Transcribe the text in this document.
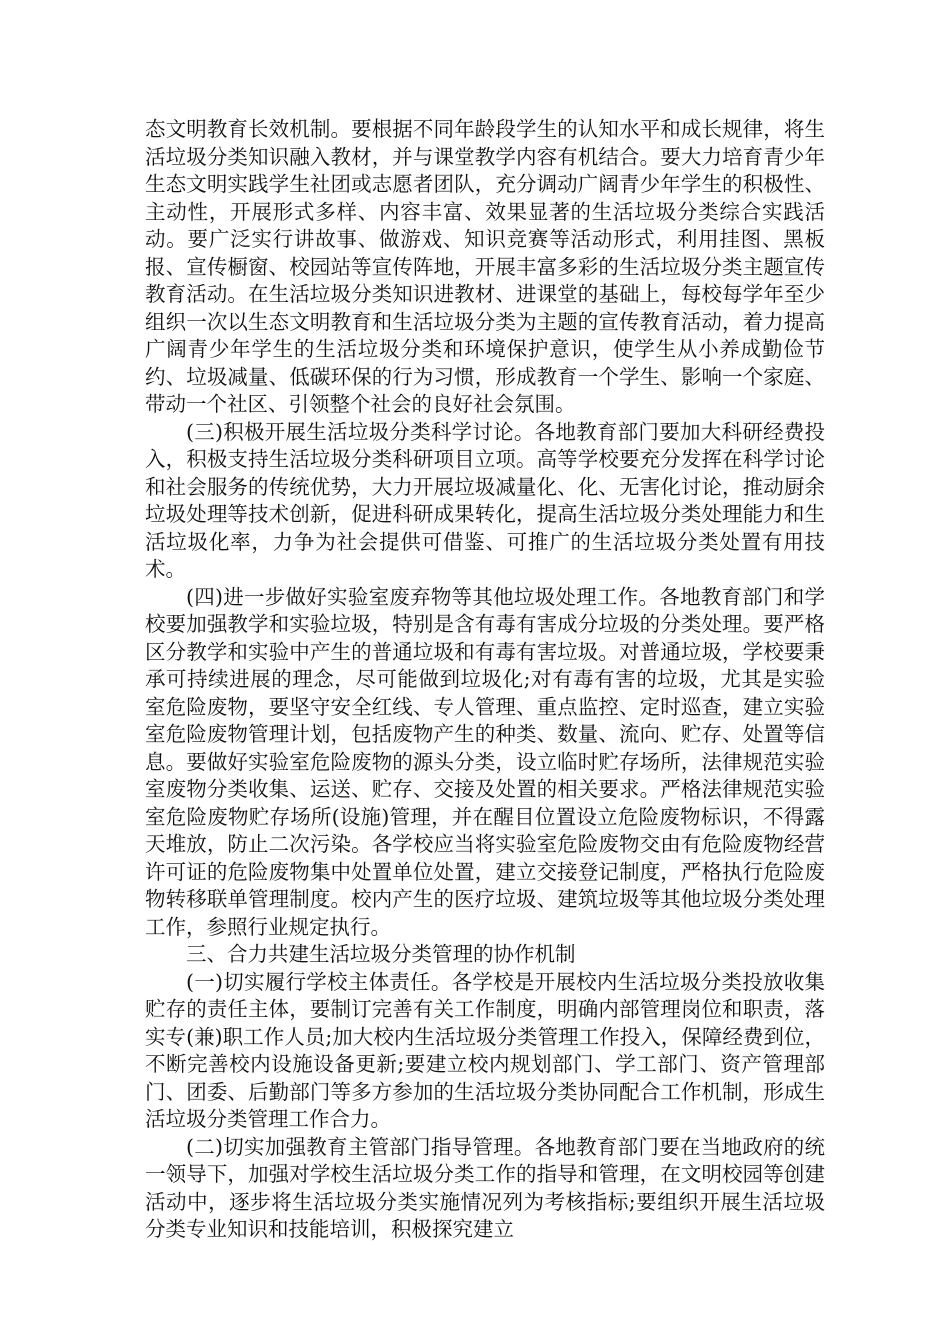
态文明教育长效机制。要根据不同年龄段学生的认知水平和成长规律，将生活垃圾分类知识融入教材，并与课堂教学内容有机结合。要大力培育青少年生态文明实践学生社团或志愿者团队，充分调动广阔青少年学生的积极性、主动性，开展形式多样、内容丰富、效果显著的生活垃圾分类综合实践活动。要广泛实行讲故事、做游戏、知识竞赛等活动形式，利用挂图、黑板报、宣传橱窗、校园站等宣传阵地，开展丰富多彩的生活垃圾分类主题宣传教育活动。在生活垃圾分类知识进教材、进课堂的基础上，每校每学年至少组织一次以生态文明教育和生活垃圾分类为主题的宣传教育活动，着力提高广阔青少年学生的生活垃圾分类和环境保护意识，使学生从小养成勤俭节约、垃圾减量、低碳环保的行为习惯，形成教育一个学生、影响一个家庭、带动一个社区、引领整个社会的良好社会氛围。

(三)积极开展生活垃圾分类科学讨论。各地教育部门要加大科研经费投入，积极支持生活垃圾分类科研项目立项。高等学校要充分发挥在科学讨论和社会服务的传统优势，大力开展垃圾减量化、化、无害化讨论，推动厨余垃圾处理等技术创新，促进科研成果转化，提高生活垃圾分类处理能力和生活垃圾化率，力争为社会提供可借鉴、可推广的生活垃圾分类处置有用技术。

(四)进一步做好实验室废弃物等其他垃圾处理工作。各地教育部门和学校要加强教学和实验垃圾，特别是含有毒有害成分垃圾的分类处理。要严格区分教学和实验中产生的普通垃圾和有毒有害垃圾。对普通垃圾，学校要秉承可持续进展的理念，尽可能做到垃圾化;对有毒有害的垃圾，尤其是实验室危险废物，要坚守安全红线、专人管理、重点监控、定时巡查，建立实验室危险废物管理计划，包括废物产生的种类、数量、流向、贮存、处置等信息。要做好实验室危险废物的源头分类，设立临时贮存场所，法律规范实验室废物分类收集、运送、贮存、交接及处置的相关要求。严格法律规范实验室危险废物贮存场所(设施)管理，并在醒目位置设立危险废物标识，不得露天堆放，防止二次污染。各学校应当将实验室危险废物交由有危险废物经营许可证的危险废物集中处置单位处置，建立交接登记制度，严格执行危险废物转移联单管理制度。校内产生的医疗垃圾、建筑垃圾等其他垃圾分类处理工作，参照行业规定执行。

三、合力共建生活垃圾分类管理的协作机制

(一)切实履行学校主体责任。各学校是开展校内生活垃圾分类投放收集贮存的责任主体，要制订完善有关工作制度，明确内部管理岗位和职责，落实专(兼)职工作人员;加大校内生活垃圾分类管理工作投入，保障经费到位，不断完善校内设施设备更新;要建立校内规划部门、学工部门、资产管理部门、团委、后勤部门等多方参加的生活垃圾分类协同配合工作机制，形成生活垃圾分类管理工作合力。

(二)切实加强教育主管部门指导管理。各地教育部门要在当地政府的统一领导下，加强对学校生活垃圾分类工作的指导和管理，在文明校园等创建活动中，逐步将生活垃圾分类实施情况列为考核指标;要组织开展生活垃圾分类专业知识和技能培训，积极探究建立
